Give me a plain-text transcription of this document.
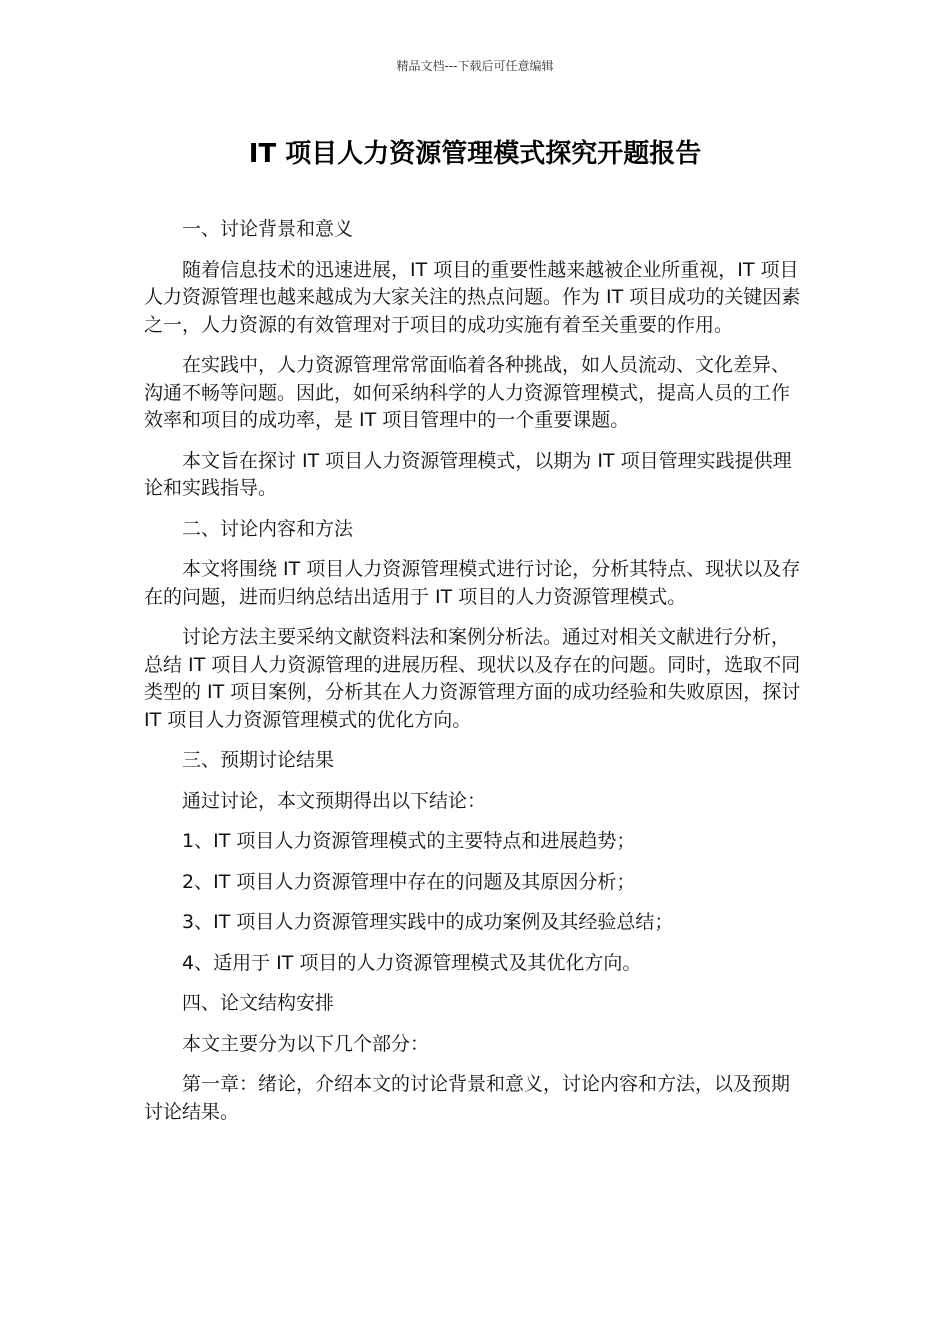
精品文档---下载后可任意编辑
IT 项目人力资源管理模式探究开题报告

一、讨论背景和意义

随着信息技术的迅速进展，IT 项目的重要性越来越被企业所重视，IT 项目人力资源管理也越来越成为大家关注的热点问题。作为 IT 项目成功的关键因素之一，人力资源的有效管理对于项目的成功实施有着至关重要的作用。

在实践中，人力资源管理常常面临着各种挑战，如人员流动、文化差异、沟通不畅等问题。因此，如何采纳科学的人力资源管理模式，提高人员的工作效率和项目的成功率，是 IT 项目管理中的一个重要课题。

本文旨在探讨 IT 项目人力资源管理模式，以期为 IT 项目管理实践提供理论和实践指导。

二、讨论内容和方法

本文将围绕 IT 项目人力资源管理模式进行讨论，分析其特点、现状以及存在的问题，进而归纳总结出适用于 IT 项目的人力资源管理模式。

讨论方法主要采纳文献资料法和案例分析法。通过对相关文献进行分析，总结 IT 项目人力资源管理的进展历程、现状以及存在的问题。同时，选取不同类型的 IT 项目案例，分析其在人力资源管理方面的成功经验和失败原因，探讨 IT 项目人力资源管理模式的优化方向。

三、预期讨论结果

通过讨论，本文预期得出以下结论：

1、IT 项目人力资源管理模式的主要特点和进展趋势；

2、IT 项目人力资源管理中存在的问题及其原因分析；

3、IT 项目人力资源管理实践中的成功案例及其经验总结；

4、适用于 IT 项目的人力资源管理模式及其优化方向。

四、论文结构安排

本文主要分为以下几个部分：

第一章：绪论，介绍本文的讨论背景和意义，讨论内容和方法，以及预期讨论结果。
